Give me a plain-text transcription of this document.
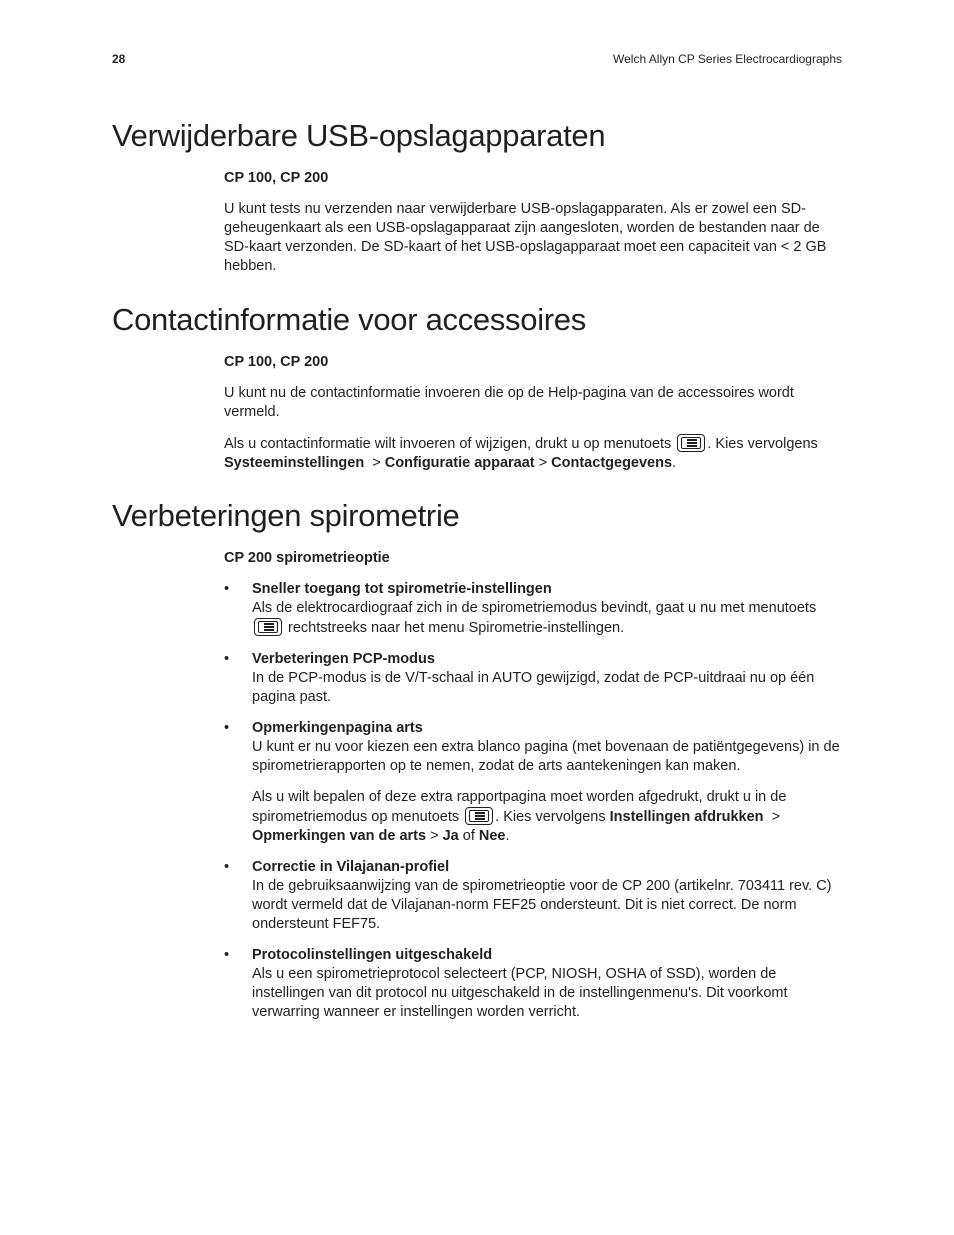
28	Welch Allyn CP Series Electrocardiographs
Verwijderbare USB-opslagapparaten

CP 100, CP 200

U kunt tests nu verzenden naar verwijderbare USB-opslagapparaten. Als er zowel een SD-geheugenkaart als een USB-opslagapparaat zijn aangesloten, worden de bestanden naar de SD-kaart verzonden. De SD-kaart of het USB-opslagapparaat moet een capaciteit van < 2 GB hebben.

Contactinformatie voor accessoires

CP 100, CP 200

U kunt nu de contactinformatie invoeren die op de Help-pagina van de accessoires wordt vermeld.

Als u contactinformatie wilt invoeren of wijzigen, drukt u op menutoets . Kies vervolgens Systeeminstellingen > Configuratie apparaat > Contactgegevens.

Verbeteringen spirometrie

CP 200 spirometrieoptie

• Sneller toegang tot spirometrie-instellingen

Als de elektrocardiograaf zich in de spirometriemodus bevindt, gaat u nu met menutoets
rechtstreeks naar het menu Spirometrie-instellingen.

• Verbeteringen PCP-modus

In de PCP-modus is de V/T-schaal in AUTO gewijzigd, zodat de PCP-uitdraai nu op één pagina past.

• Opmerkingenpagina arts

U kunt er nu voor kiezen een extra blanco pagina (met bovenaan de patiëntgegevens) in de spirometrierapporten op te nemen, zodat de arts aantekeningen kan maken.

Als u wilt bepalen of deze extra rapportpagina moet worden afgedrukt, drukt u in de spirometriemodus op menutoets . Kies vervolgens Instellingen afdrukken > Opmerkingen van de arts > Ja of Nee.

• Correctie in Vilajanan-profiel

In de gebruiksaanwijzing van de spirometrieoptie voor de CP 200 (artikelnr. 703411 rev. C) wordt vermeld dat de Vilajanan-norm FEF25 ondersteunt. Dit is niet correct. De norm ondersteunt FEF75.

• Protocolinstellingen uitgeschakeld

Als u een spirometrieprotocol selecteert (PCP, NIOSH, OSHA of SSD), worden de instellingen van dit protocol nu uitgeschakeld in de instellingenmenu's. Dit voorkomt verwarring wanneer er instellingen worden verricht.
